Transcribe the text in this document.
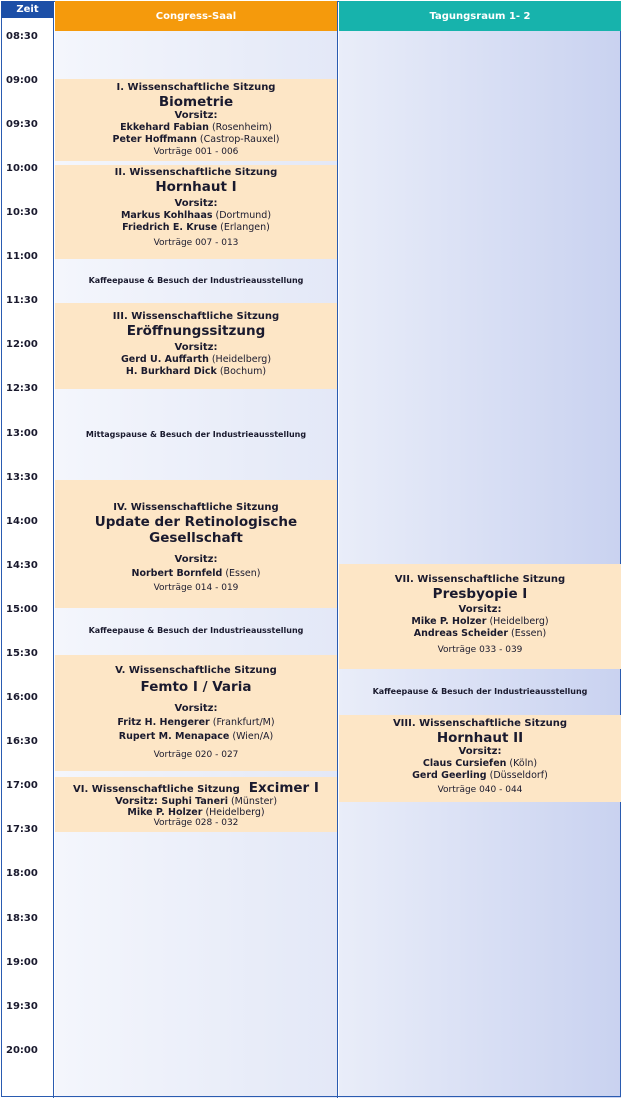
Zeit
Congress-Saal	Tagungsraum 1- 2
08:30
09:00
09:30
10:00
10:30
11:00
11:30
12:00
12:30
13:00
13:30
14:00
14:30
15:00
15:30
16:00
16:30
17:00
17:30
18:00
18:30
19:00
19:30
20:00
I. Wissenschaftliche Sitzung
Biometrie
Vorsitz:
Ekkehard Fabian (Rosenheim)
Peter Hoffmann (Castrop-Rauxel)
Vorträge 001 - 006
II. Wissenschaftliche Sitzung
Hornhaut I
Vorsitz:
Markus Kohlhaas (Dortmund)
Friedrich E. Kruse (Erlangen)
Vorträge 007 - 013
Kaffeepause & Besuch der Industrieausstellung
III. Wissenschaftliche Sitzung
Eröffnungssitzung
Vorsitz:
Gerd U. Auffarth (Heidelberg)
H. Burkhard Dick (Bochum)
Mittagspause & Besuch der Industrieausstellung
IV. Wissenschaftliche Sitzung
Update der Retinologische Gesellschaft
Vorsitz:
Norbert Bornfeld (Essen)
Vorträge 014 - 019
Kaffeepause & Besuch der Industrieausstellung
V. Wissenschaftliche Sitzung
Femto I / Varia
Vorsitz:
Fritz H. Hengerer (Frankfurt/M)
Rupert M. Menapace (Wien/A)
Vorträge 020 - 027
VI. Wissenschaftliche Sitzung Excimer I
Vorsitz: Suphi Taneri (Münster)
Mike P. Holzer (Heidelberg)
Vorträge 028 - 032
VII. Wissenschaftliche Sitzung
Presbyopie I
Vorsitz:
Mike P. Holzer (Heidelberg)
Andreas Scheider (Essen)
Vorträge 033 - 039
Kaffeepause & Besuch der Industrieausstellung
VIII. Wissenschaftliche Sitzung
Hornhaut II
Vorsitz:
Claus Cursiefen (Köln)
Gerd Geerling (Düsseldorf)
Vorträge 040 - 044
